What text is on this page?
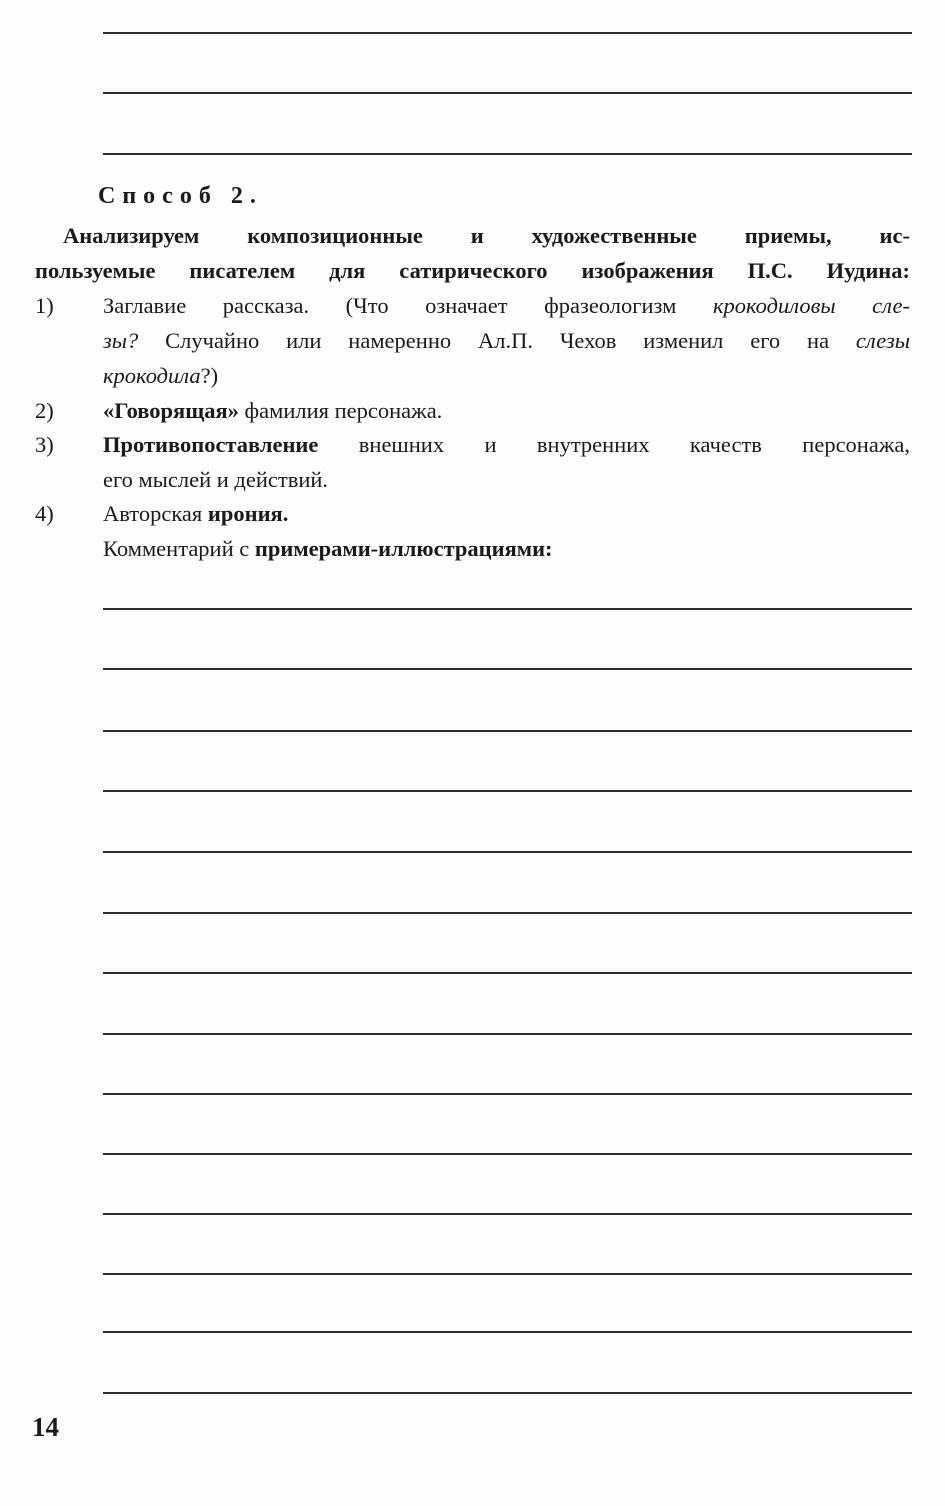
Способ 2.
Анализируем композиционные и художественные приемы, ис-
пользуемые писателем для сатирического изображения П.С. Иудина:
1) Заглавие рассказа. (Что означает фразеологизм крокодиловы сле-
зы? Случайно или намеренно Ал.П. Чехов изменил его на слезы
крокодила?)
2) «Говорящая» фамилия персонажа.
3) Противопоставление внешних и внутренних качеств персонажа,
его мыслей и действий.
4) Авторская ирония.
Комментарий с примерами-иллюстрациями:
14
